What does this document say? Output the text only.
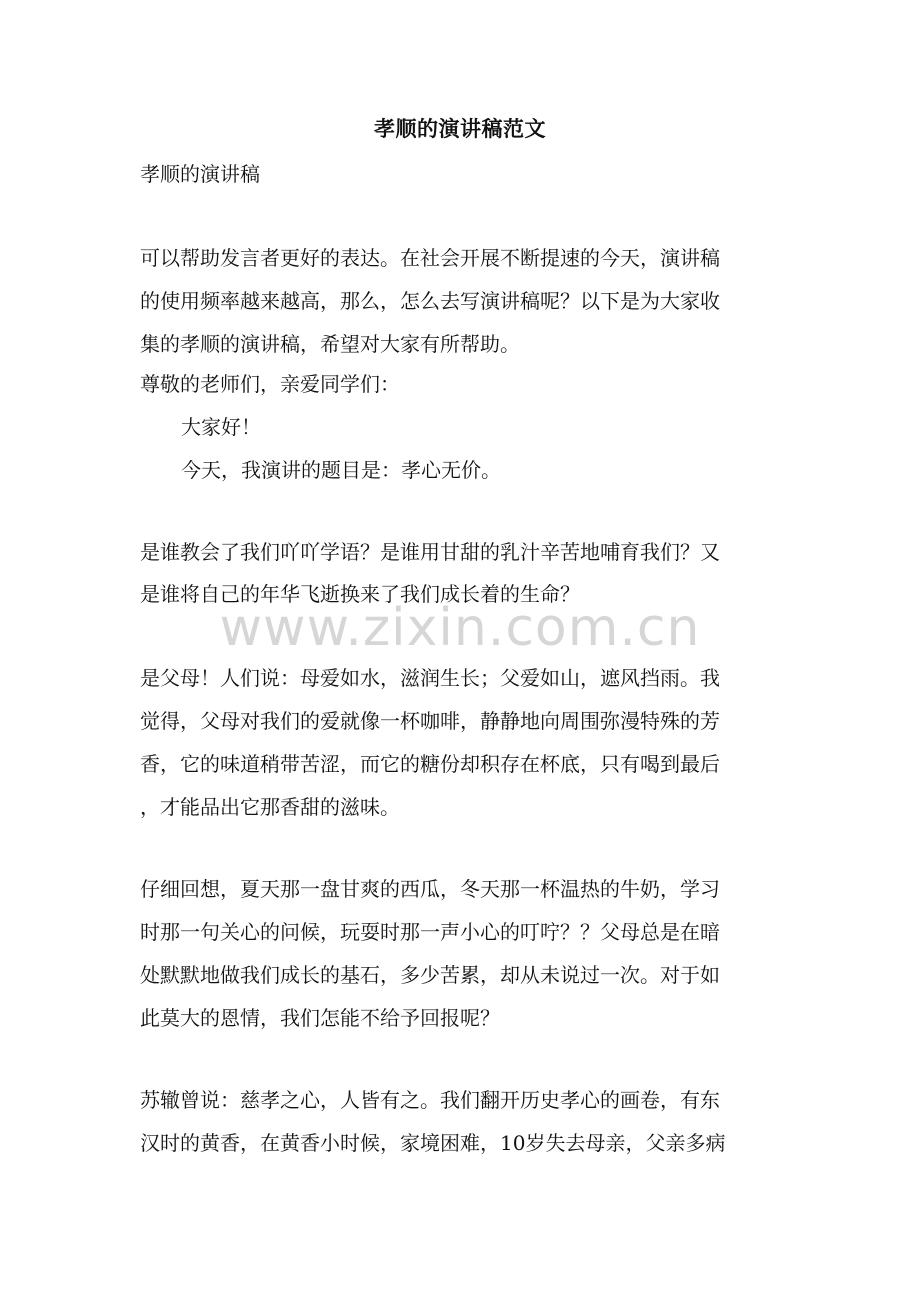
孝顺的演讲稿范文
孝顺的演讲稿
可以帮助发言者更好的表达。在社会开展不断提速的今天，演讲稿
的使用频率越来越高，那么，怎么去写演讲稿呢？以下是为大家收
集的孝顺的演讲稿，希望对大家有所帮助。
尊敬的老师们，亲爱同学们：
大家好！
今天，我演讲的题目是：孝心无价。
是谁教会了我们吖吖学语？是谁用甘甜的乳汁辛苦地哺育我们？又
是谁将自己的年华飞逝换来了我们成长着的生命？
www.zixin.com.cn
是父母！人们说：母爱如水，滋润生长；父爱如山，遮风挡雨。我
觉得，父母对我们的爱就像一杯咖啡，静静地向周围弥漫特殊的芳
香，它的味道稍带苦涩，而它的糖份却积存在杯底，只有喝到最后
，才能品出它那香甜的滋味。
仔细回想，夏天那一盘甘爽的西瓜，冬天那一杯温热的牛奶，学习
时那一句关心的问候，玩耍时那一声小心的叮咛？？父母总是在暗
处默默地做我们成长的基石，多少苦累，却从未说过一次。对于如
此莫大的恩情，我们怎能不给予回报呢？
苏辙曾说：慈孝之心，人皆有之。我们翻开历史孝心的画卷，有东
汉时的黄香，在黄香小时候，家境困难，10岁失去母亲，父亲多病
